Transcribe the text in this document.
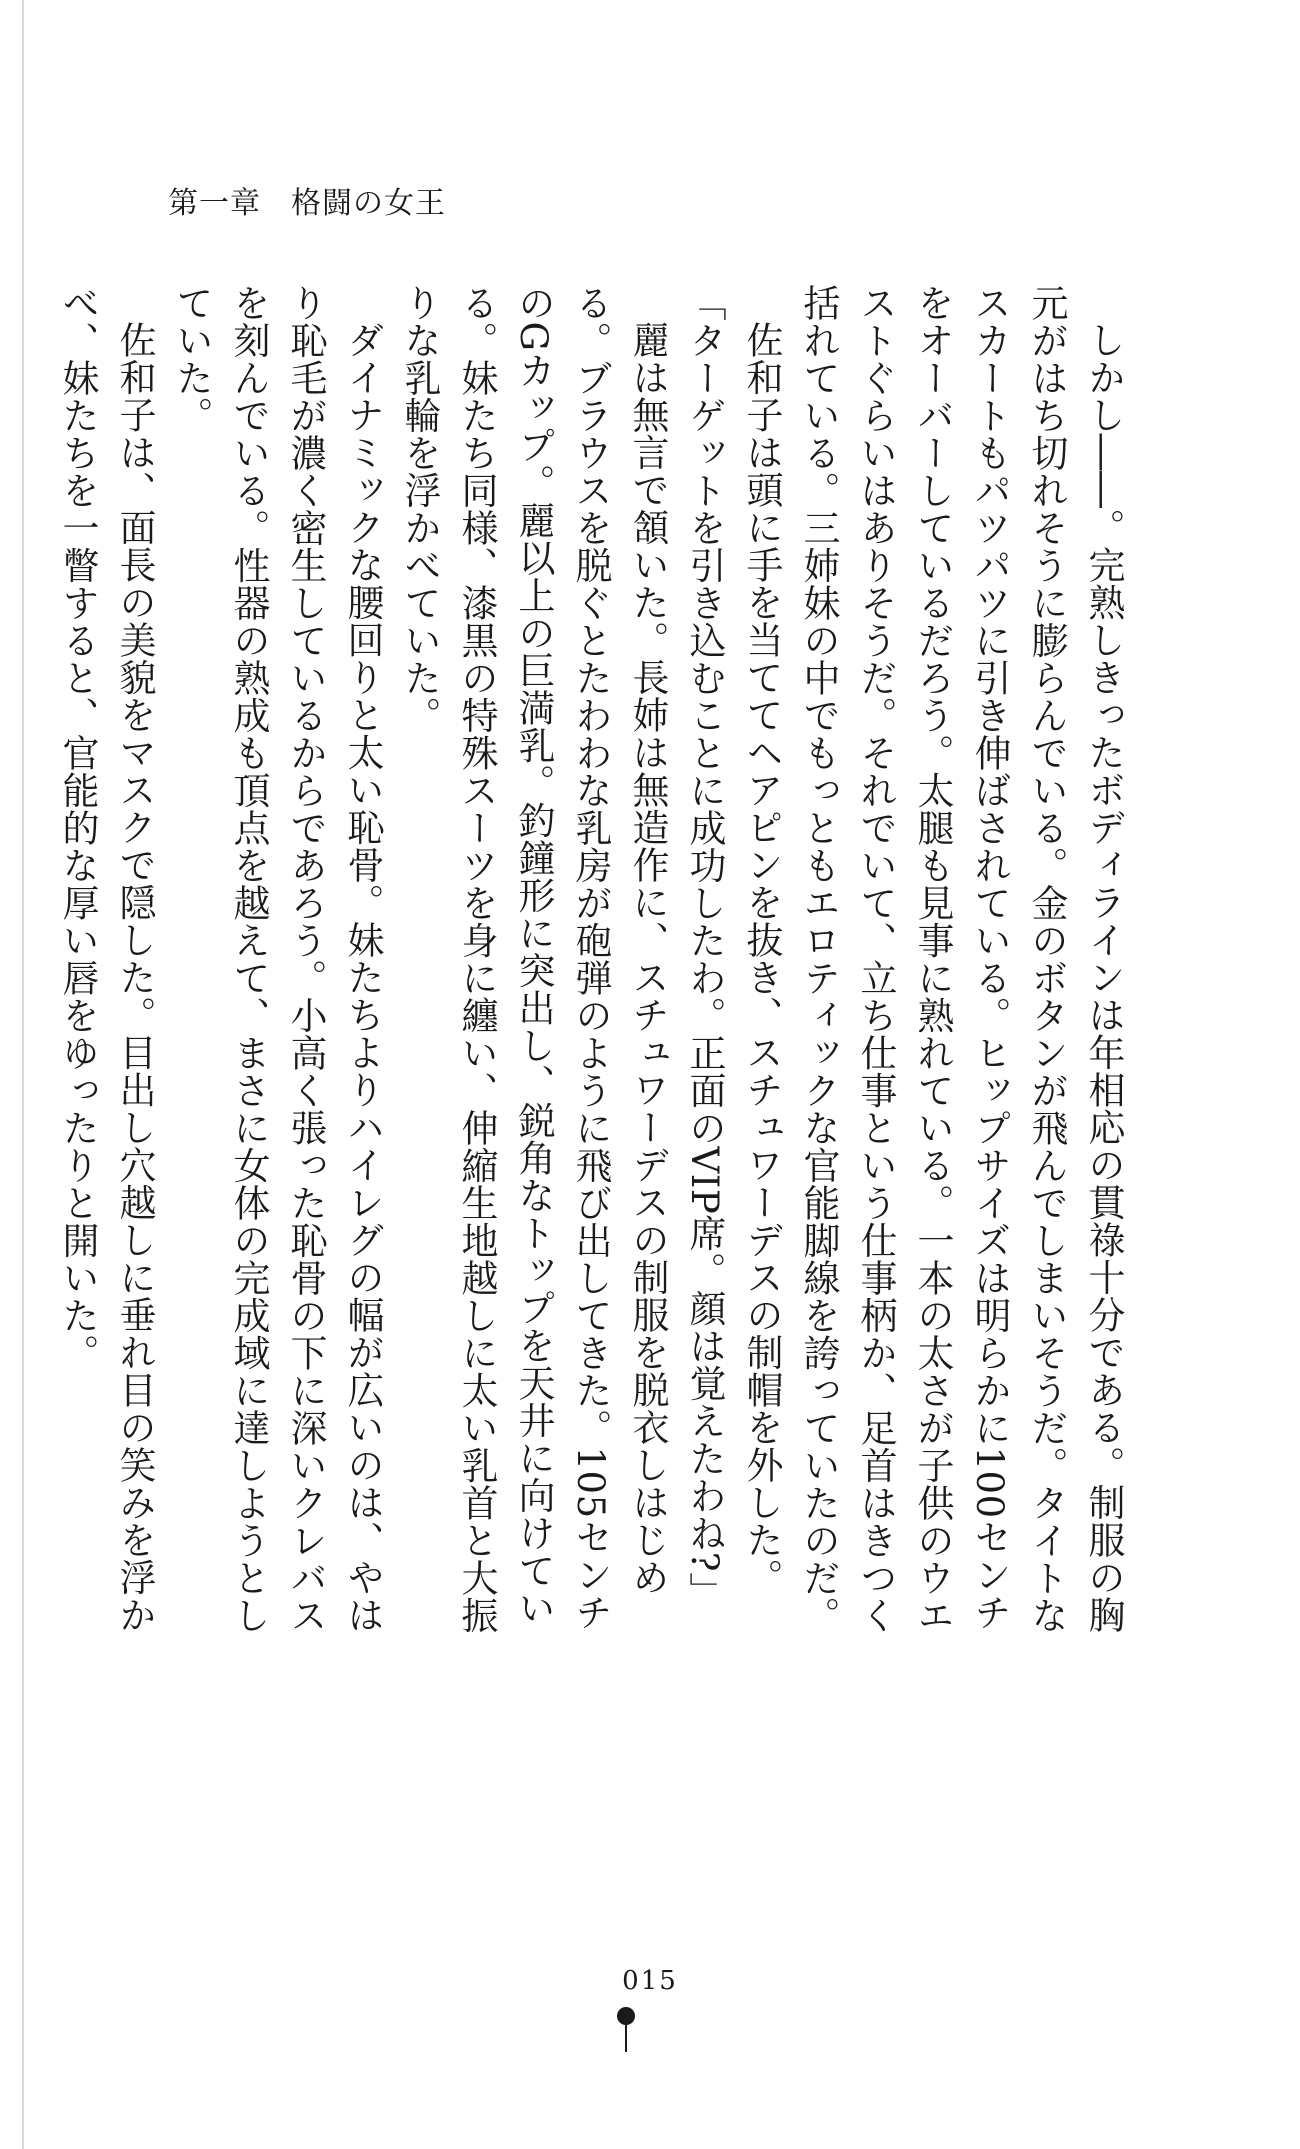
第一章 格闘の女王

しかし――。完熟しきったボディラインは年相応の貫祿十分である。制服の胸元がはち切れそうに膨らんでいる。金のボタンが飛んでしまいそうだ。タイトなスカートもパツパツに引き伸ばされている。ヒップサイズは明らかに100センチをオーバーしているだろう。太腿も見事に熟れている。一本の太さが子供のウエストぐらいはありそうだ。それでいて、立ち仕事という仕事柄か、足首はきつく括れている。三姉妹の中でもっともエロティックな官能脚線を誇っていたのだ。

佐和子は頭に手を当ててヘアピンを抜き、スチュワーデスの制帽を外した。

「ターゲットを引き込むことに成功したわ。正面のVIP席。顔は覚えたわね?」

麗は無言で頷いた。長姉は無造作に、スチュワーデスの制服を脱衣しはじめる。ブラウスを脱ぐとたわわな乳房が砲弾のように飛び出してきた。105センチのGカップ。麗以上の巨満乳。釣鐘形に突出し、鋭角なトップを天井に向けている。妹たち同様、漆黒の特殊スーツを身に纏い、伸縮生地越しに太い乳首と大振りな乳輪を浮かべていた。

ダイナミックな腰回りと太い恥骨。妹たちよりハイレグの幅が広いのは、やはり恥毛が濃く密生しているからであろう。小高く張った恥骨の下に深いクレバスを刻んでいる。性器の熟成も頂点を越えて、まさに女体の完成域に達しようとしていた。

佐和子は、面長の美貌をマスクで隠した。目出し穴越しに垂れ目の笑みを浮かべ、妹たちを一瞥すると、官能的な厚い唇をゆったりと開いた。

015
